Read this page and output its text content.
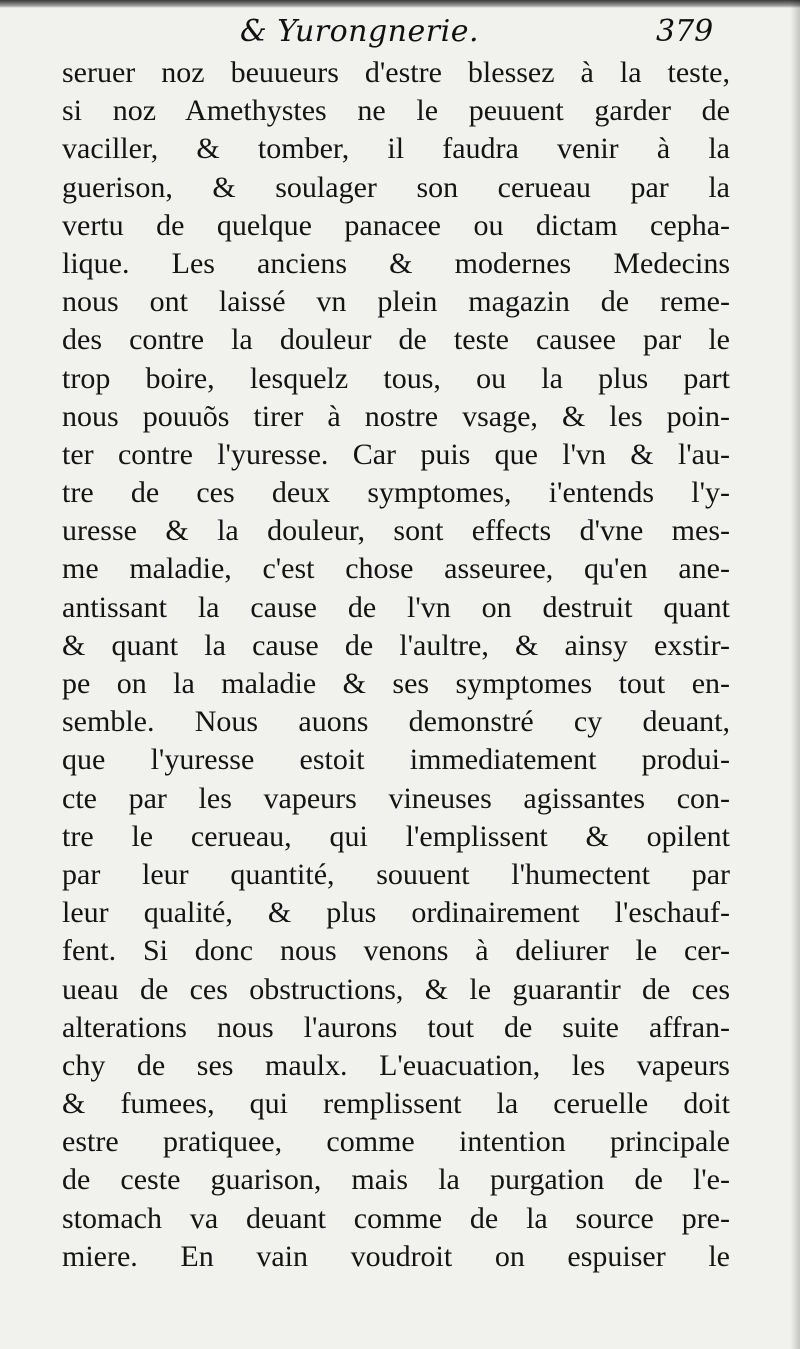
& Yurongnerie.	379
seruer noz beuueurs d'estre blessez à la teste,
si noz Amethystes ne le peuuent garder de
vaciller, & tomber, il faudra venir à la
guerison, & soulager son cerueau par la
vertu de quelque panacee ou dictam cepha-
lique. Les anciens & modernes Medecins
nous ont laissé vn plein magazin de reme-
des contre la douleur de teste causee par le
trop boire, lesquelz tous, ou la plus part
nous pouuõs tirer à nostre vsage, & les poin-
ter contre l'yuresse. Car puis que l'vn & l'au-
tre de ces deux symptomes, i'entends l'y-
uresse & la douleur, sont effects d'vne mes-
me maladie, c'est chose asseuree, qu'en ane-
antissant la cause de l'vn on destruit quant
& quant la cause de l'aultre, & ainsy exstir-
pe on la maladie & ses symptomes tout en-
semble. Nous auons demonstré cy deuant,
que l'yuresse estoit immediatement produi-
cte par les vapeurs vineuses agissantes con-
tre le cerueau, qui l'emplissent & opilent
par leur quantité, souuent l'humectent par
leur qualité, & plus ordinairement l'eschauf-
fent. Si donc nous venons à deliurer le cer-
ueau de ces obstructions, & le guarantir de ces
alterations nous l'aurons tout de suite affran-
chy de ses maulx. L'euacuation, les vapeurs
& fumees, qui remplissent la ceruelle doit
estre pratiquee, comme intention principale
de ceste guarison, mais la purgation de l'e-
stomach va deuant comme de la source pre-
miere. En vain voudroit on espuiser le
